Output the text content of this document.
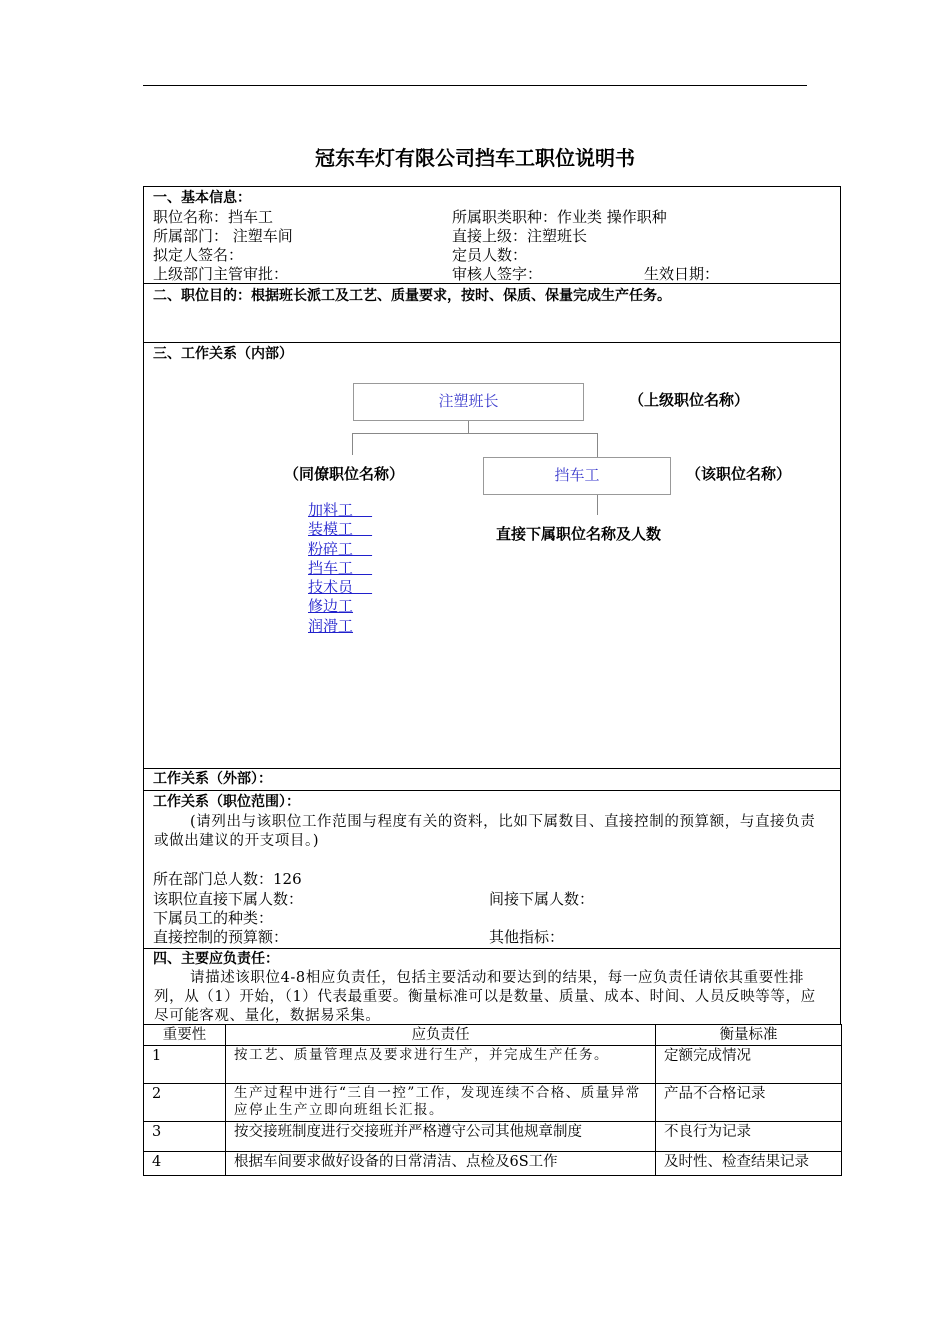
冠东车灯有限公司挡车工职位说明书
一、基本信息：
职位名称：挡车工	所属职类职种：作业类 操作职种
所属部门： 注塑车间	直接上级：注塑班长
拟定人签名：	定员人数：
上级部门主管审批：	审核人签字：	生效日期：
二、职位目的：根据班长派工及工艺、质量要求，按时、保质、保量完成生产任务。
三、工作关系（内部）
注塑班长	（上级职位名称）
（同僚职位名称）	挡车工	（该职位名称）
直接下属职位名称及人数
加料工
装模工
粉碎工
挡车工
技术员
修边工
润滑工
工作关系（外部）：
工作关系（职位范围）：
(请列出与该职位工作范围与程度有关的资料，比如下属数目、直接控制的预算额，与直接负责或做出建议的开支项目。)
所在部门总人数：126
该职位直接下属人数：	间接下属人数：
下属员工的种类：
直接控制的预算额：	其他指标：
四、主要应负责任：
请描述该职位4-8相应负责任，包括主要活动和要达到的结果，每一应负责任请依其重要性排列，从（1）开始，（1）代表最重要。衡量标准可以是数量、质量、成本、时间、人员反映等等，应尽可能客观、量化，数据易采集。
重要性	应负责任	衡量标准
1	按工艺、质量管理点及要求进行生产，并完成生产任务。	定额完成情况
2	生产过程中进行“三自一控”工作，发现连续不合格、质量异常应停止生产立即向班组长汇报。	产品不合格记录
3	按交接班制度进行交接班并严格遵守公司其他规章制度	不良行为记录
4	根据车间要求做好设备的日常清洁、点检及6S工作	及时性、检查结果记录
